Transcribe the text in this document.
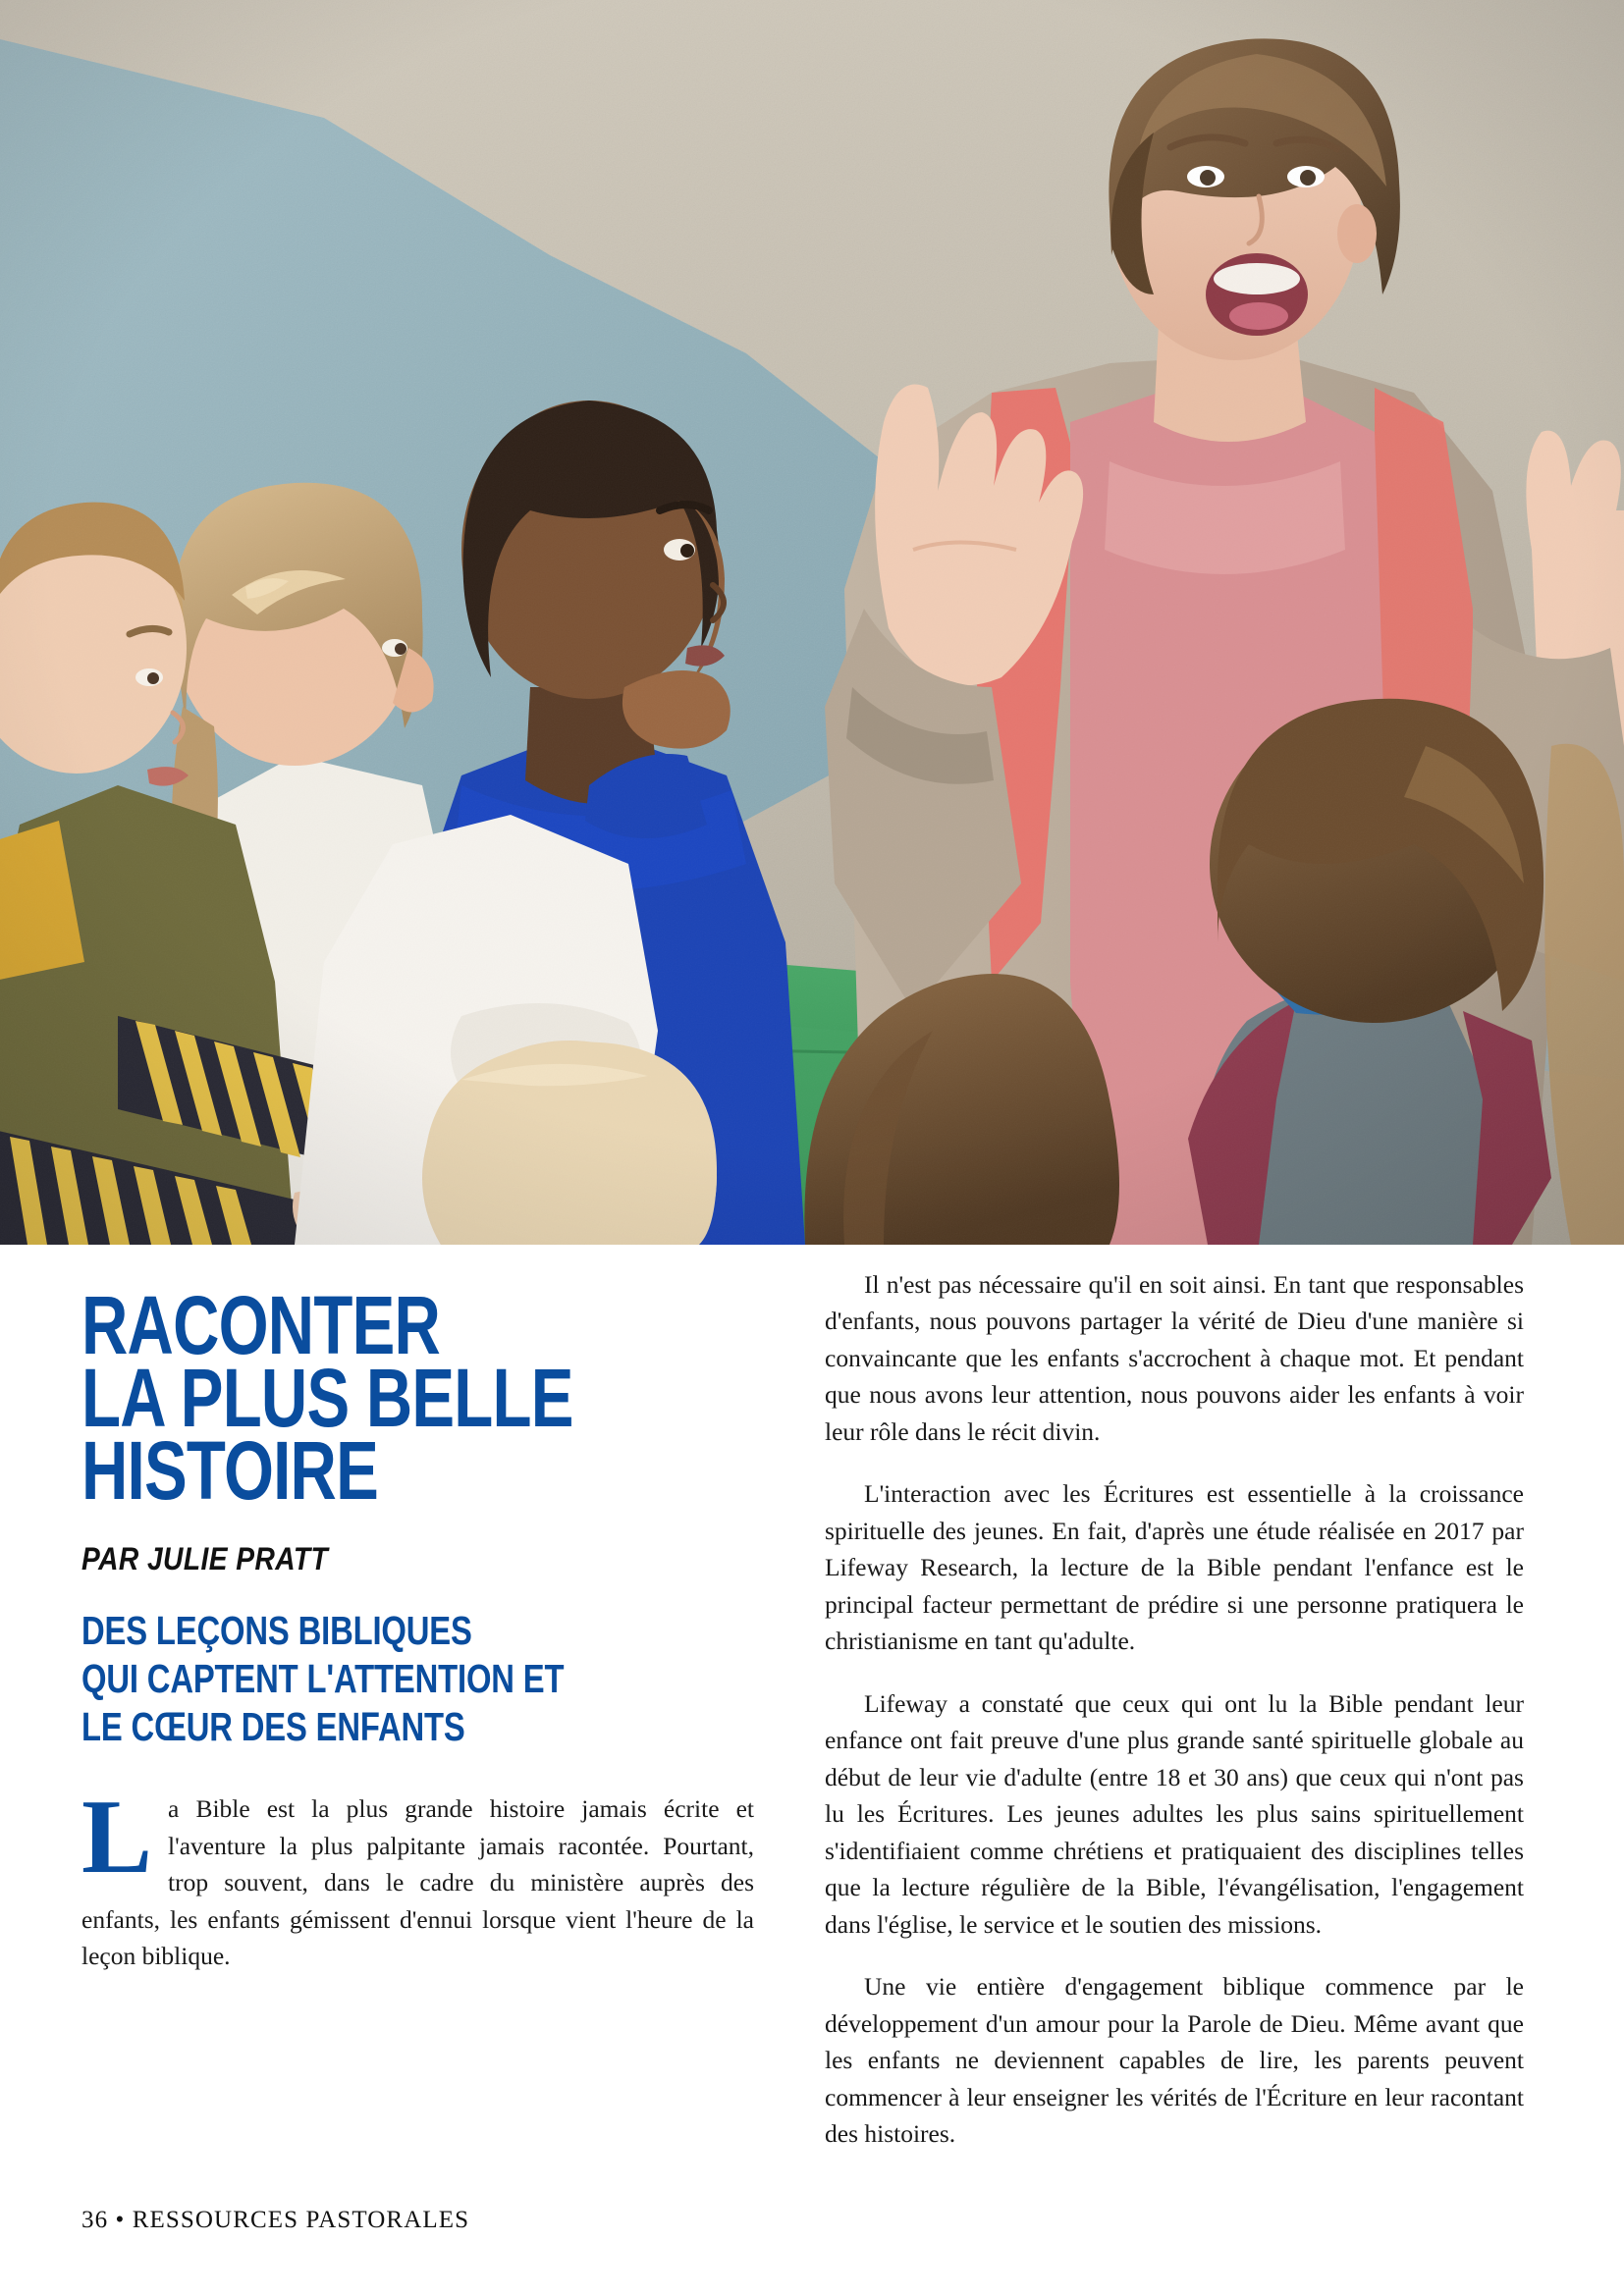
RACONTER
LA PLUS BELLE
HISTOIRE

PAR JULIE PRATT

DES LEÇONS BIBLIQUES
QUI CAPTENT L'ATTENTION ET
LE CŒUR DES ENFANTS

La Bible est la plus grande histoire jamais écrite et l'aventure la plus palpitante jamais racontée. Pourtant, trop souvent, dans le cadre du ministère auprès des enfants, les enfants gémissent d'ennui lorsque vient l'heure de la leçon biblique.

Il n'est pas nécessaire qu'il en soit ainsi. En tant que responsables d'enfants, nous pouvons partager la vérité de Dieu d'une manière si convaincante que les enfants s'accrochent à chaque mot. Et pendant que nous avons leur attention, nous pouvons aider les enfants à voir leur rôle dans le récit divin.

L'interaction avec les Écritures est essentielle à la croissance spirituelle des jeunes. En fait, d'après une étude réalisée en 2017 par Lifeway Research, la lecture de la Bible pendant l'enfance est le principal facteur permettant de prédire si une personne pratiquera le christianisme en tant qu'adulte.

Lifeway a constaté que ceux qui ont lu la Bible pendant leur enfance ont fait preuve d'une plus grande santé spirituelle globale au début de leur vie d'adulte (entre 18 et 30 ans) que ceux qui n'ont pas lu les Écritures. Les jeunes adultes les plus sains spirituellement s'identifiaient comme chrétiens et pratiquaient des disciplines telles que la lecture régulière de la Bible, l'évangélisation, l'engagement dans l'église, le service et le soutien des missions.

Une vie entière d'engagement biblique commence par le développement d'un amour pour la Parole de Dieu. Même avant que les enfants ne deviennent capables de lire, les parents peuvent commencer à leur enseigner les vérités de l'Écriture en leur racontant des histoires.

36 • RESSOURCES PASTORALES
